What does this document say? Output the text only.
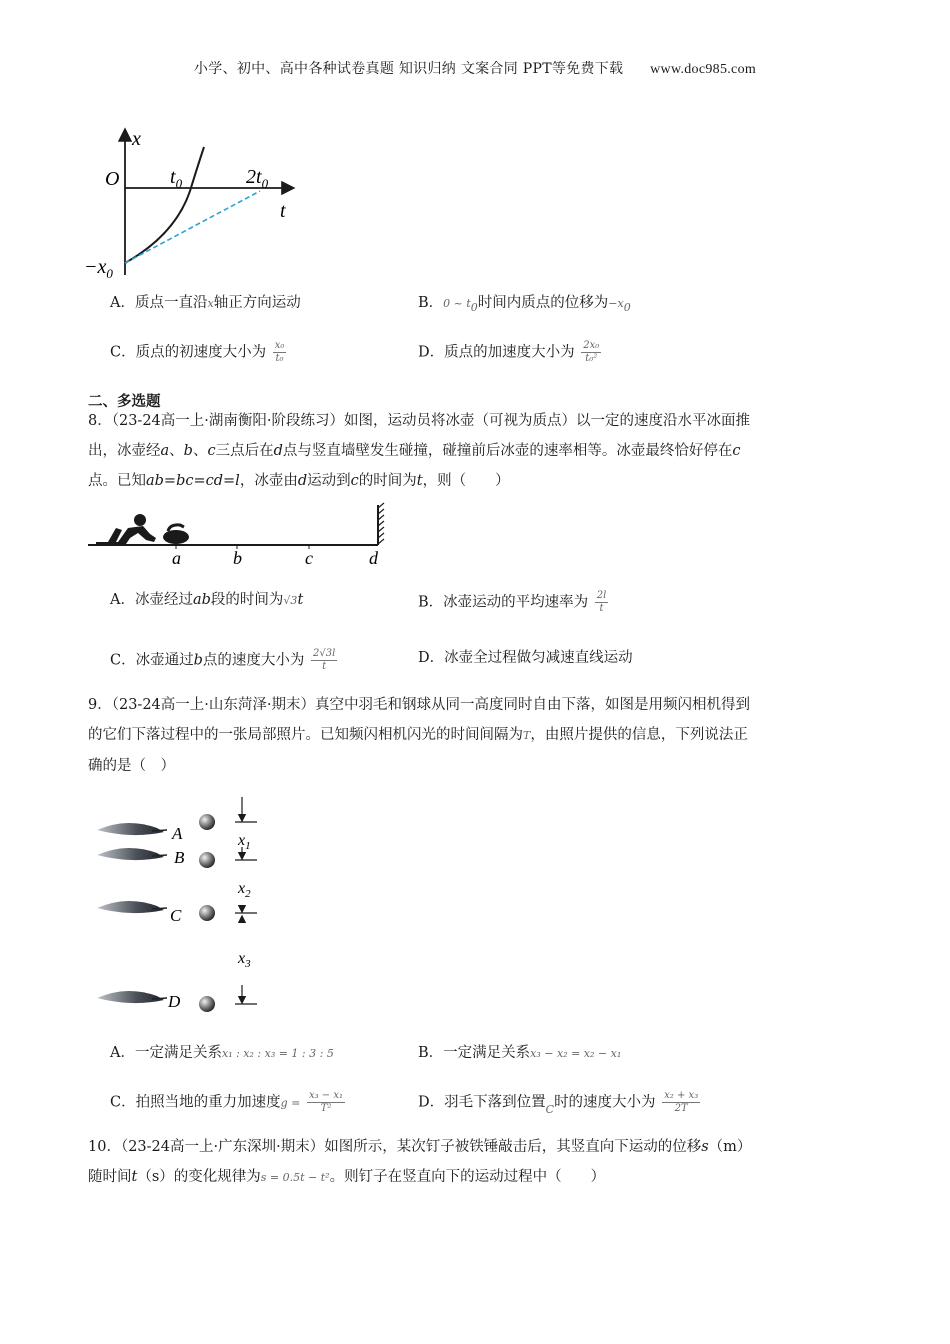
小学、初中、高中各种试卷真题 知识归纳 文案合同 PPT等免费下载 www.doc985.com
x
t
O	$t_0$	$2t_0$
$-x_0$
A．质点一直沿x轴正方向运动	B．0 ~ $t_0$时间内质点的位移为$-x_0$
C．质点的初速度大小为 $\frac{\text{x₀}}{\text{t₀}}$	D．质点的加速度大小为 $\frac{\text{2x₀}}{\text{t₀²}}$
二、多选题
8．（23-24高一上·湖南衡阳·阶段练习）如图，运动员将冰壶（可视为质点）以一定的速度沿水平冰面推
出，冰壶经a、b、c三点后在d点与竖直墙壁发生碰撞，碰撞前后冰壶的速率相等。冰壶最终恰好停在c
点。已知ab=bc=cd=l，冰壶由d运动到c的时间为t，则（　　）
a	b	c	d
A．冰壶经过ab段的时间为√3t	B．冰壶运动的平均速率为 $\frac{2l}{t}$
C．冰壶通过b点的速度大小为 $\frac{2√3l}{t}$	D．冰壶全过程做匀减速直线运动
9．（23-24高一上·山东菏泽·期末）真空中羽毛和钢球从同一高度同时自由下落，如图是用频闪相机得到
的它们下落过程中的一张局部照片。已知频闪相机闪光的时间间隔为T，由照片提供的信息，下列说法正
确的是（　）
A
B
C
D
$x_1$
$x_2$
$x_3$
A．一定满足关系x₁ : x₂ : x₃ = 1 : 3 : 5	B．一定满足关系x₃ − x₂ = x₂ − x₁
C．拍照当地的重力加速度$g = \frac{\text{x₃ − x₁}}{\text{T²}}$	D．羽毛下落到位置$_C$时的速度大小为 $\frac{\text{x₂ + x₃}}{2T}$
10．（23-24高一上·广东深圳·期末）如图所示，某次钉子被铁锤敲击后，其竖直向下运动的位移s（m）
随时间t（s）的变化规律为s = 0.5t − t²。则钉子在竖直向下的运动过程中（　　）
